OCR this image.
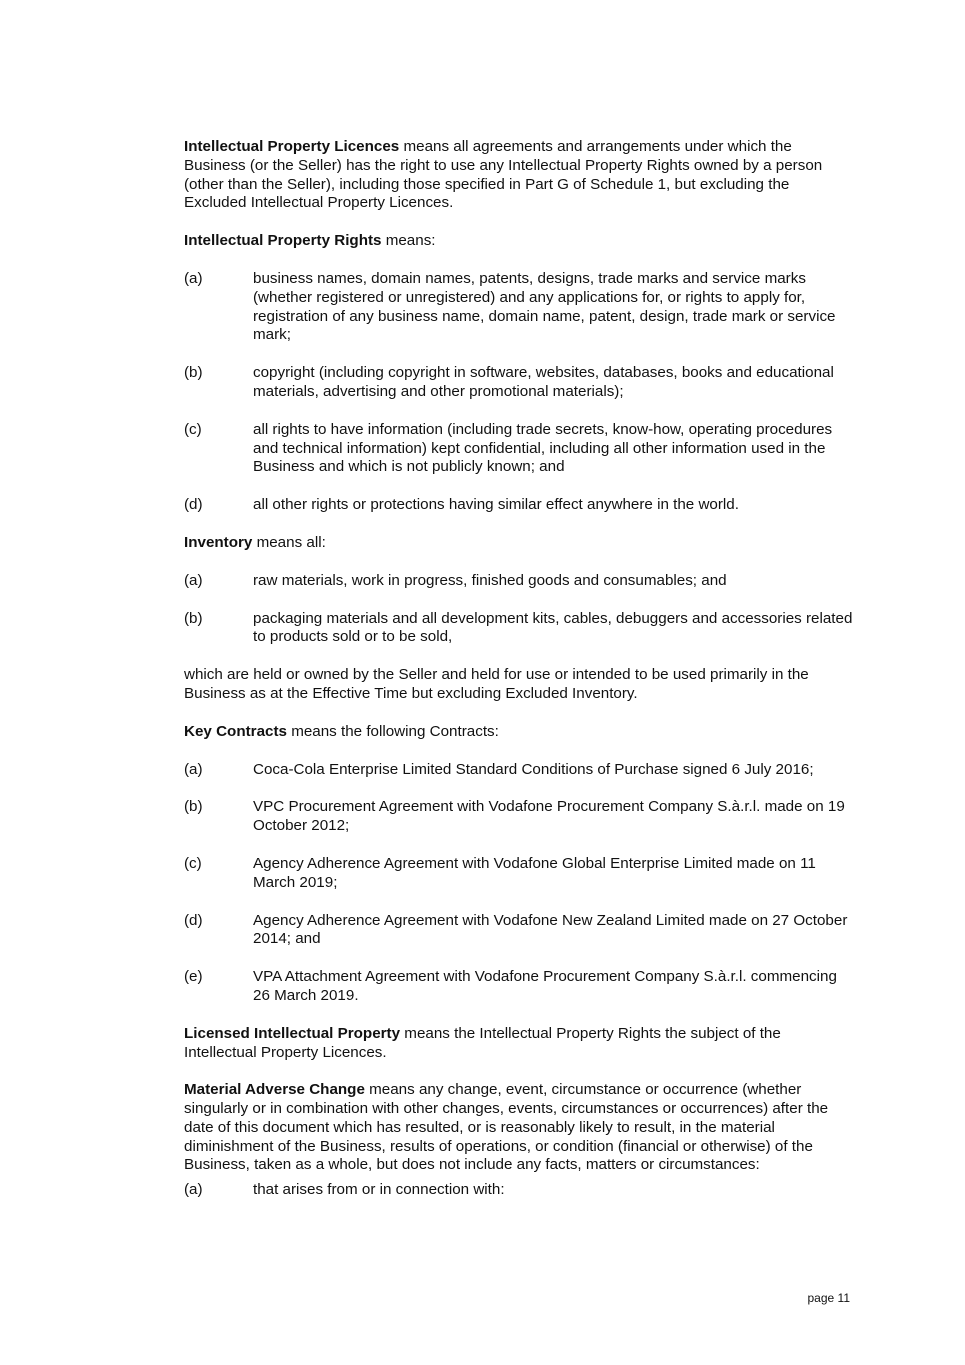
Intellectual Property Licences means all agreements and arrangements under which the Business (or the Seller) has the right to use any Intellectual Property Rights owned by a person (other than the Seller), including those specified in Part G of Schedule 1, but excluding the Excluded Intellectual Property Licences.

Intellectual Property Rights means:

(a)	business names, domain names, patents, designs, trade marks and service marks (whether registered or unregistered) and any applications for, or rights to apply for, registration of any business name, domain name, patent, design, trade mark or service mark;

(b)	copyright (including copyright in software, websites, databases, books and educational materials, advertising and other promotional materials);

(c)	all rights to have information (including trade secrets, know-how, operating procedures and technical information) kept confidential, including all other information used in the Business and which is not publicly known; and

(d)	all other rights or protections having similar effect anywhere in the world.

Inventory means all:

(a)	raw materials, work in progress, finished goods and consumables; and

(b)	packaging materials and all development kits, cables, debuggers and accessories related to products sold or to be sold,

which are held or owned by the Seller and held for use or intended to be used primarily in the Business as at the Effective Time but excluding Excluded Inventory.

Key Contracts means the following Contracts:

(a)	Coca-Cola Enterprise Limited Standard Conditions of Purchase signed 6 July 2016;

(b)	VPC Procurement Agreement with Vodafone Procurement Company S.à.r.l. made on 19 October 2012;

(c)	Agency Adherence Agreement with Vodafone Global Enterprise Limited made on 11 March 2019;

(d)	Agency Adherence Agreement with Vodafone New Zealand Limited made on 27 October 2014; and

(e)	VPA Attachment Agreement with Vodafone Procurement Company S.à.r.l. commencing 26 March 2019.

Licensed Intellectual Property means the Intellectual Property Rights the subject of the Intellectual Property Licences.

Material Adverse Change means any change, event, circumstance or occurrence (whether singularly or in combination with other changes, events, circumstances or occurrences) after the date of this document which has resulted, or is reasonably likely to result, in the material diminishment of the Business, results of operations, or condition (financial or otherwise) of the Business, taken as a whole, but does not include any facts, matters or circumstances:

(a)	that arises from or in connection with:

page 11
